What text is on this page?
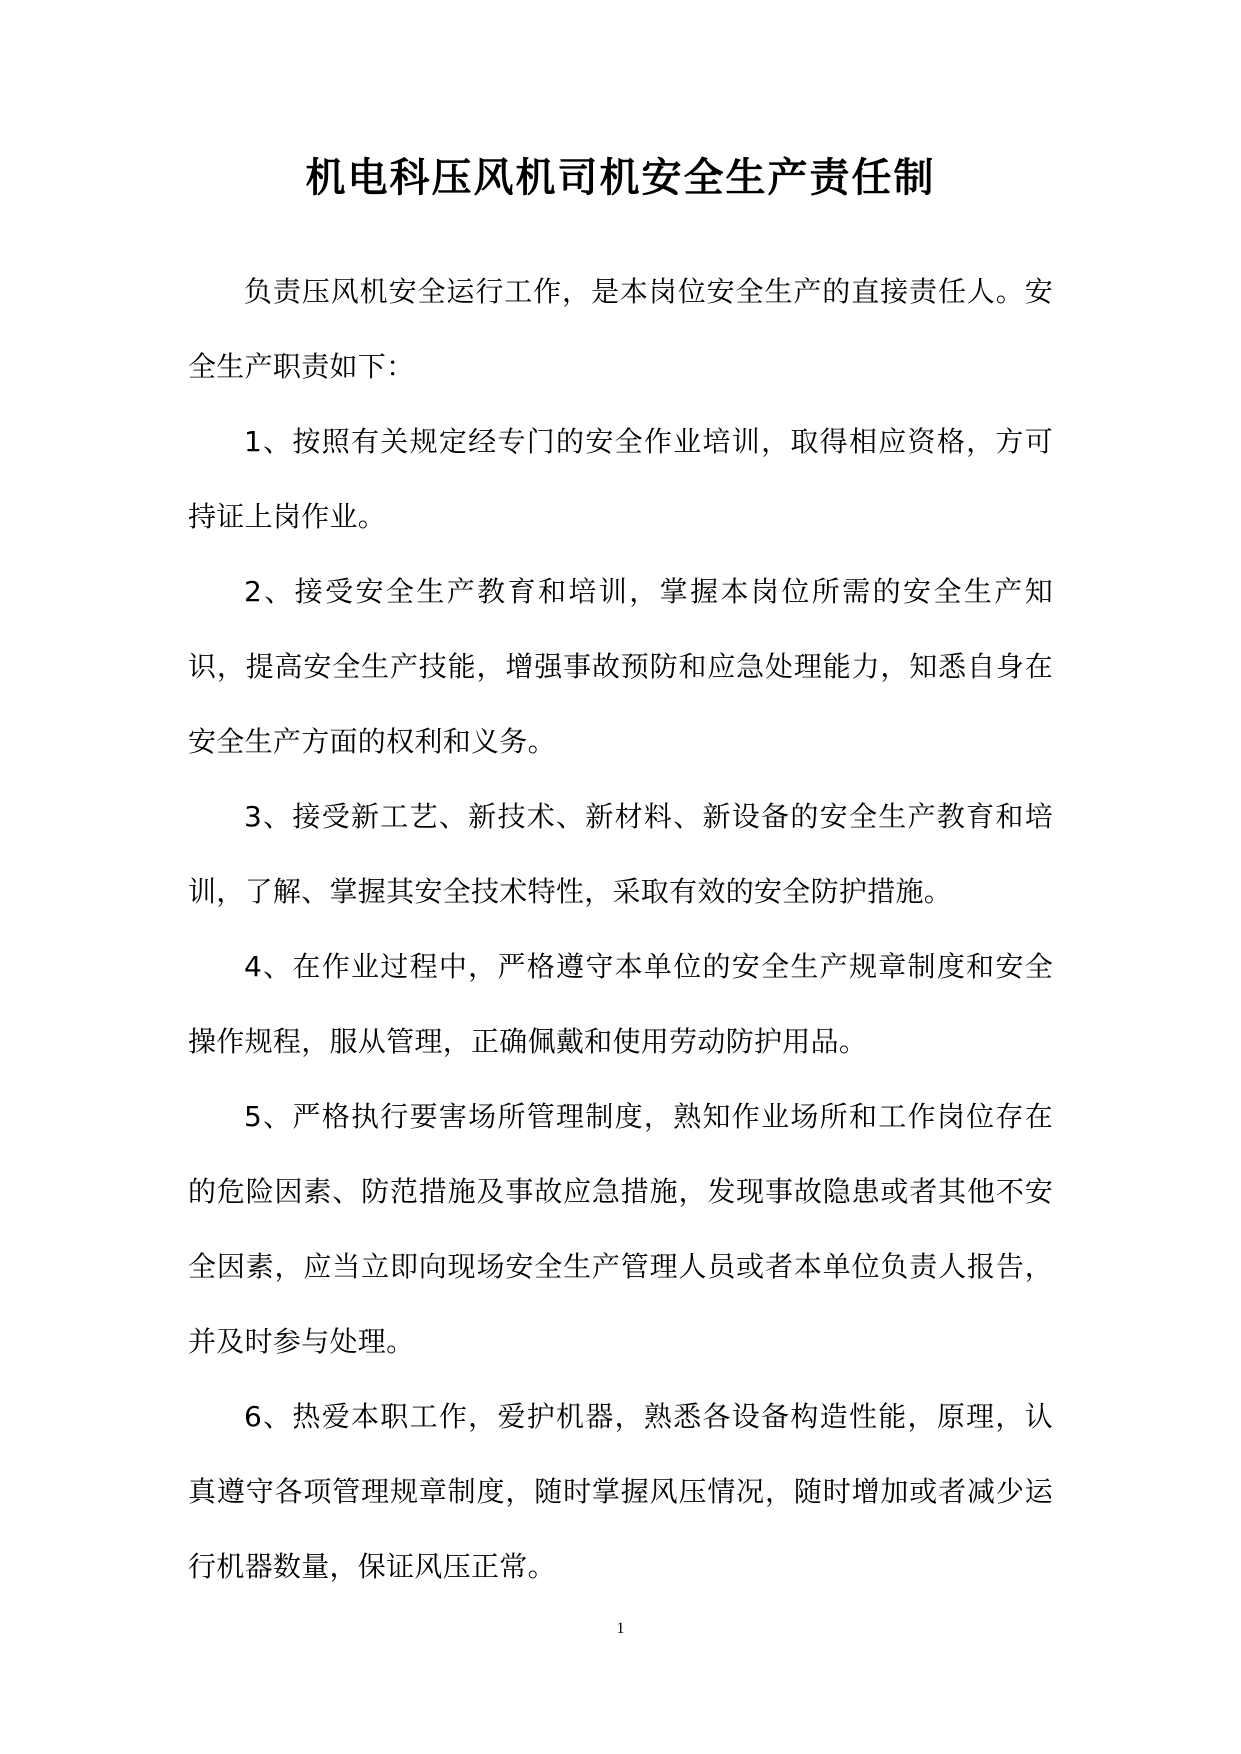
机电科压风机司机安全生产责任制

负责压风机安全运行工作，是本岗位安全生产的直接责任人。安全生产职责如下：

1、按照有关规定经专门的安全作业培训，取得相应资格，方可持证上岗作业。

2、接受安全生产教育和培训，掌握本岗位所需的安全生产知识，提高安全生产技能，增强事故预防和应急处理能力，知悉自身在安全生产方面的权利和义务。

3、接受新工艺、新技术、新材料、新设备的安全生产教育和培训，了解、掌握其安全技术特性，采取有效的安全防护措施。

4、在作业过程中，严格遵守本单位的安全生产规章制度和安全操作规程，服从管理，正确佩戴和使用劳动防护用品。

5、严格执行要害场所管理制度，熟知作业场所和工作岗位存在的危险因素、防范措施及事故应急措施，发现事故隐患或者其他不安全因素，应当立即向现场安全生产管理人员或者本单位负责人报告，并及时参与处理。

6、热爱本职工作，爱护机器，熟悉各设备构造性能，原理，认真遵守各项管理规章制度，随时掌握风压情况，随时增加或者减少运行机器数量，保证风压正常。

1
